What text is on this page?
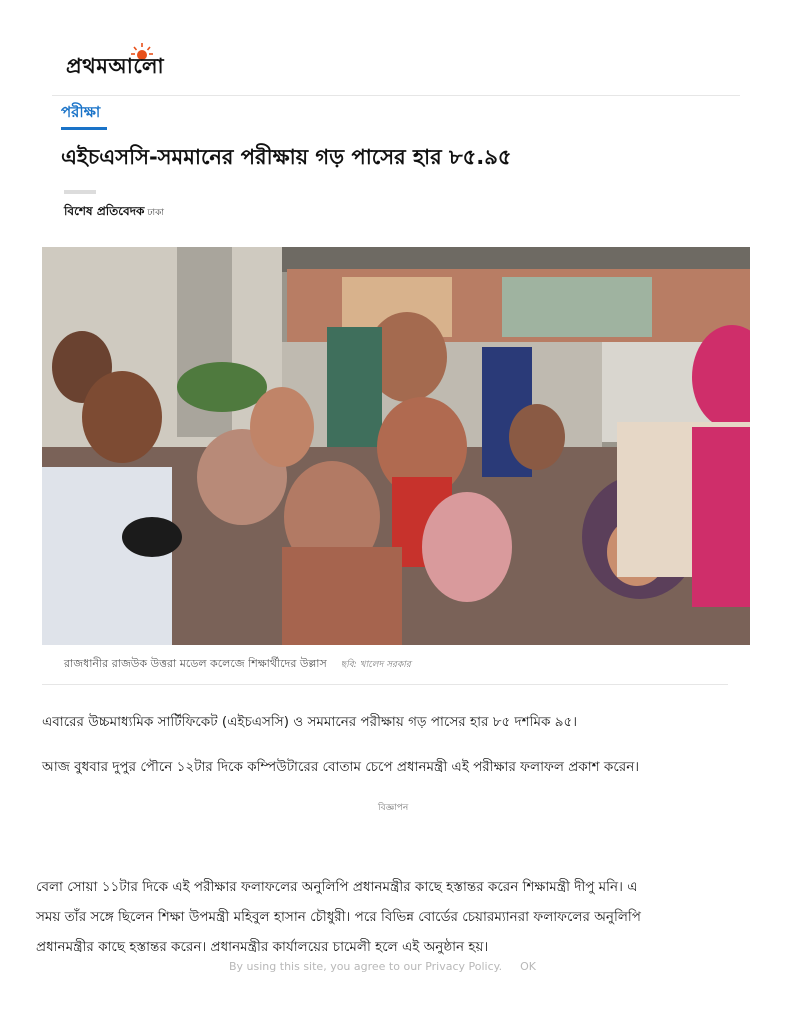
প্রথমআলো
পরীক্ষা
এইচএসসি-সমমানের পরীক্ষায় গড় পাসের হার ৮৫.৯৫
বিশেষ প্রতিবেদক ঢাকা
রাজধানীর রাজউক উত্তরা মডেল কলেজে শিক্ষার্থীদের উল্লাস ছবি: খালেদ সরকার

এবারের উচ্চমাধ্যমিক সার্টিফিকেট (এইচএসসি) ও সমমানের পরীক্ষায় গড় পাসের হার ৮৫ দশমিক ৯৫।

আজ বুধবার দুপুর পৌনে ১২টার দিকে কম্পিউটারের বোতাম চেপে প্রধানমন্ত্রী এই পরীক্ষার ফলাফল প্রকাশ করেন।

বিজ্ঞাপন

বেলা সোয়া ১১টার দিকে এই পরীক্ষার ফলাফলের অনুলিপি প্রধানমন্ত্রীর কাছে হস্তান্তর করেন শিক্ষামন্ত্রী দীপু মনি। এ
সময় তাঁর সঙ্গে ছিলেন শিক্ষা উপমন্ত্রী মহিবুল হাসান চৌধুরী। পরে বিভিন্ন বোর্ডের চেয়ারম্যানরা ফলাফলের অনুলিপি
প্রধানমন্ত্রীর কাছে হস্তান্তর করেন। প্রধানমন্ত্রীর কার্যালয়ের চামেলী হলে এই অনুষ্ঠান হয়।

By using this site, you agree to our Privacy Policy. OK
